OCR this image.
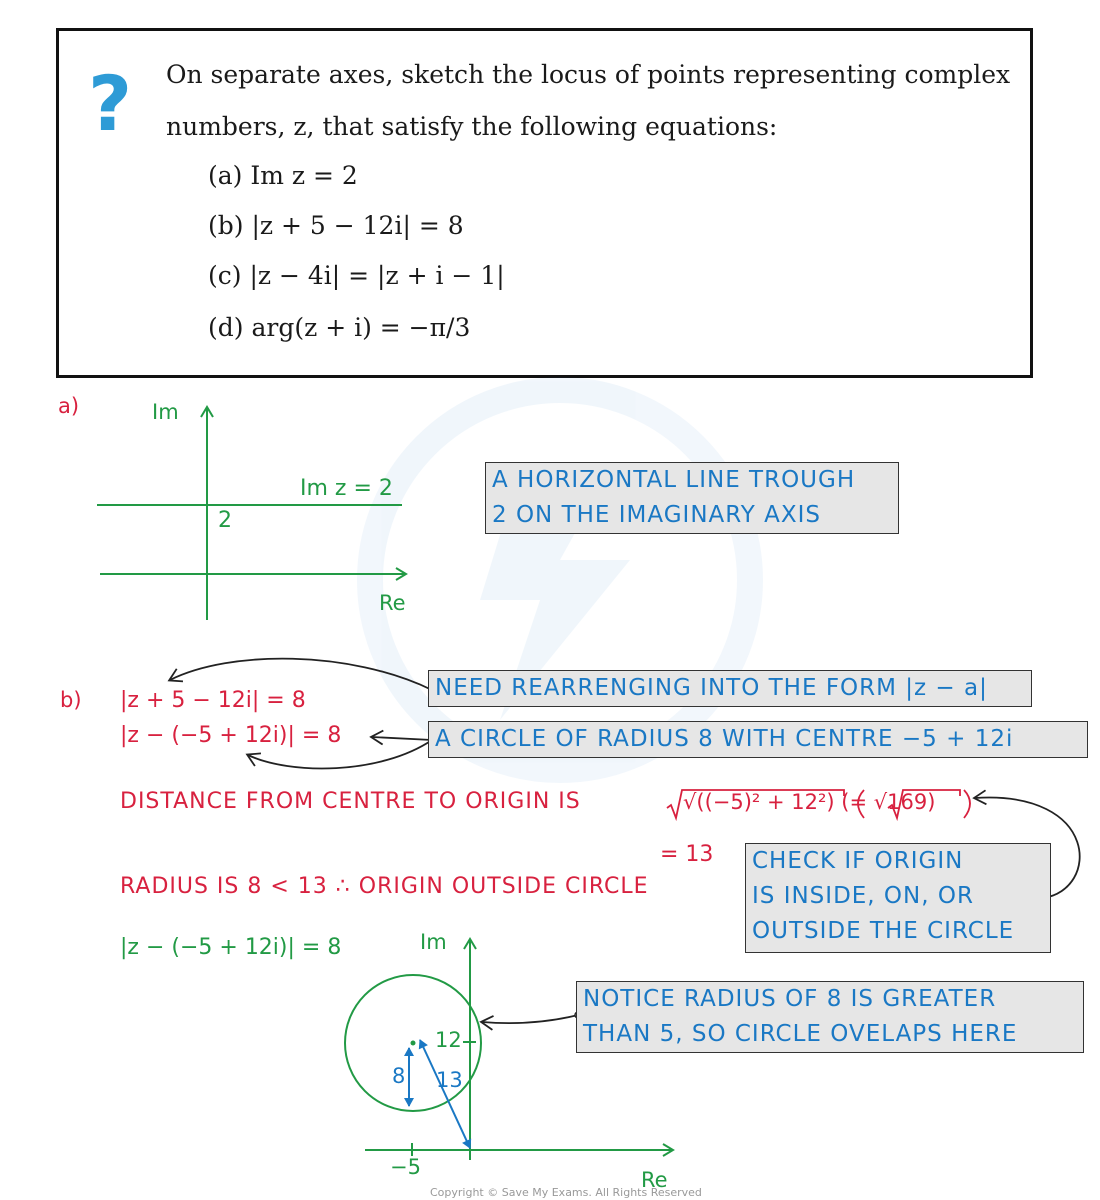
? On separate axes, sketch the locus of points representing complex
numbers, z, that satisfy the following equations:
(a) Im z = 2
(b) |z + 5 − 12i| = 8
(c) |z − 4i| = |z + i − 1|
(d) arg(z + i) = −π/3
a)	Im
Re
Im z = 2
2
A HORIZONTAL LINE TROUGH
2 ON THE IMAGINARY AXIS
b) |z + 5 − 12i| = 8
|z − (−5 + 12i)| = 8
NEED REARRENGING INTO THE FORM |z − a|
A CIRCLE OF RADIUS 8 WITH CENTRE −5 + 12i
DISTANCE FROM CENTRE TO ORIGIN IS	√((−5)² + 12²) (= √169)
= 13
RADIUS IS 8 < 13 ∴ ORIGIN OUTSIDE CIRCLE
CHECK IF ORIGIN
IS INSIDE, ON, OR
OUTSIDE THE CIRCLE
|z − (−5 + 12i)| = 8	Im
Re
12
8 13
−5
NOTICE RADIUS OF 8 IS GREATER
THAN 5, SO CIRCLE OVELAPS HERE
Copyright © Save My Exams. All Rights Reserved
